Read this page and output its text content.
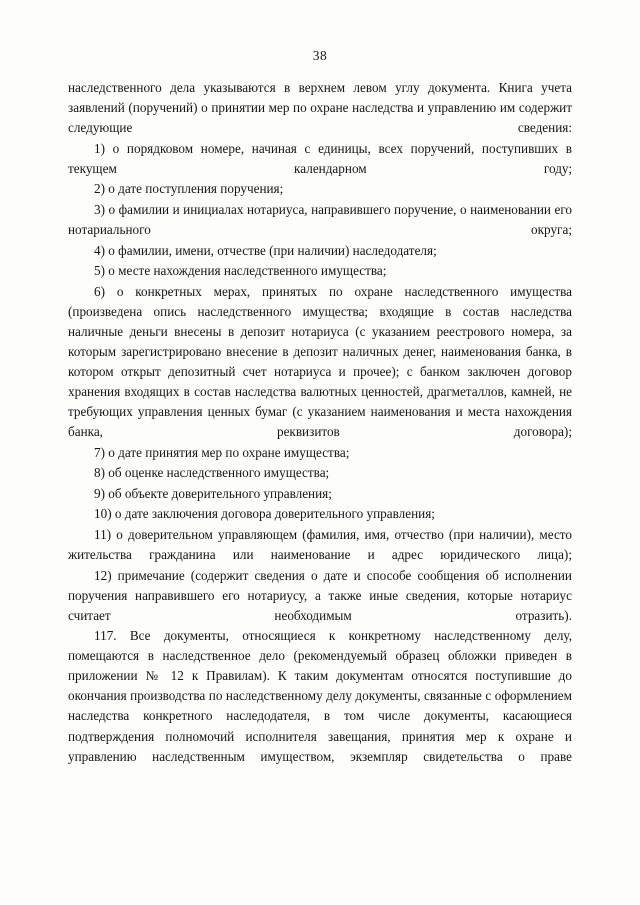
38

наследственного дела указываются в верхнем левом углу документа. Книга учета заявлений (поручений) о принятии мер по охране наследства и управлению им содержит следующие сведения:

1) о порядковом номере, начиная с единицы, всех поручений, поступивших в текущем календарном году;

2) о дате поступления поручения;

3) о фамилии и инициалах нотариуса, направившего поручение, о наименовании его нотариального округа;

4) о фамилии, имени, отчестве (при наличии) наследодателя;

5) о месте нахождения наследственного имущества;

6) о конкретных мерах, принятых по охране наследственного имущества (произведена опись наследственного имущества; входящие в состав наследства наличные деньги внесены в депозит нотариуса (с указанием реестрового номера, за которым зарегистрировано внесение в депозит наличных денег, наименования банка, в котором открыт депозитный счет нотариуса и прочее); с банком заключен договор хранения входящих в состав наследства валютных ценностей, драгметаллов, камней, не требующих управления ценных бумаг (с указанием наименования и места нахождения банка, реквизитов договора);

7) о дате принятия мер по охране имущества;

8) об оценке наследственного имущества;

9) об объекте доверительного управления;

10) о дате заключения договора доверительного управления;

11) о доверительном управляющем (фамилия, имя, отчество (при наличии), место жительства гражданина или наименование и адрес юридического лица);

12) примечание (содержит сведения о дате и способе сообщения об исполнении поручения направившего его нотариусу, а также иные сведения, которые нотариус считает необходимым отразить).

117. Все документы, относящиеся к конкретному наследственному делу, помещаются в наследственное дело (рекомендуемый образец обложки приведен в приложении № 12 к Правилам). К таким документам относятся поступившие до окончания производства по наследственному делу документы, связанные с оформлением наследства конкретного наследодателя, в том числе документы, касающиеся подтверждения полномочий исполнителя завещания, принятия мер к охране и управлению наследственным имуществом, экземпляр свидетельства о праве
